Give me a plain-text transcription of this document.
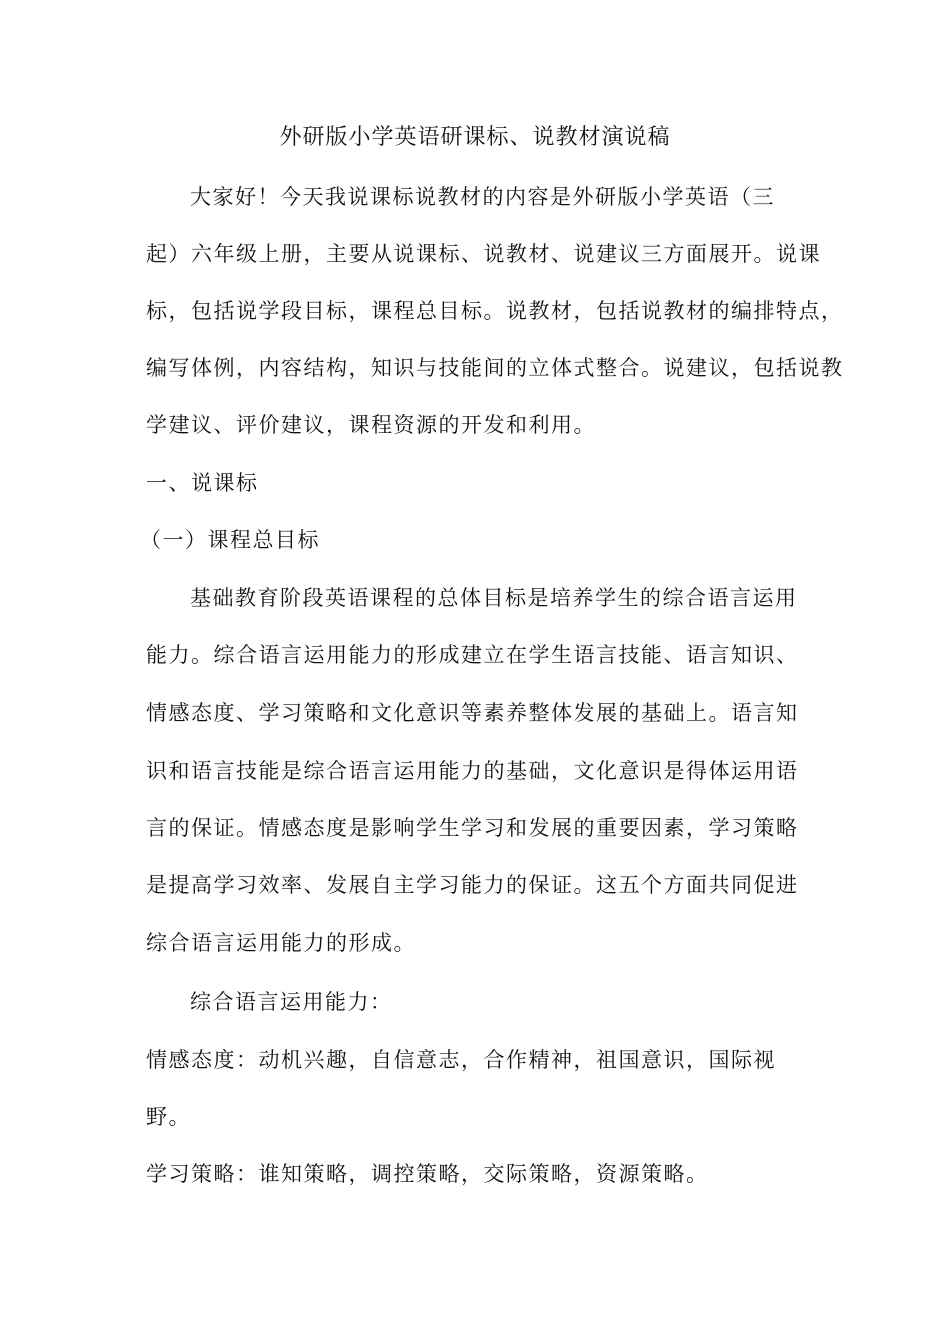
外研版小学英语研课标、说教材演说稿
大家好！今天我说课标说教材的内容是外研版小学英语（三
起）六年级上册，主要从说课标、说教材、说建议三方面展开。说课
标，包括说学段目标，课程总目标。说教材，包括说教材的编排特点，
编写体例，内容结构，知识与技能间的立体式整合。说建议，包括说教
学建议、评价建议，课程资源的开发和利用。
一、说课标
（一）课程总目标
基础教育阶段英语课程的总体目标是培养学生的综合语言运用
能力。综合语言运用能力的形成建立在学生语言技能、语言知识、
情感态度、学习策略和文化意识等素养整体发展的基础上。语言知
识和语言技能是综合语言运用能力的基础，文化意识是得体运用语
言的保证。情感态度是影响学生学习和发展的重要因素，学习策略
是提高学习效率、发展自主学习能力的保证。这五个方面共同促进
综合语言运用能力的形成。
综合语言运用能力：
情感态度：动机兴趣，自信意志，合作精神，祖国意识，国际视
野。
学习策略：谁知策略，调控策略，交际策略，资源策略。
